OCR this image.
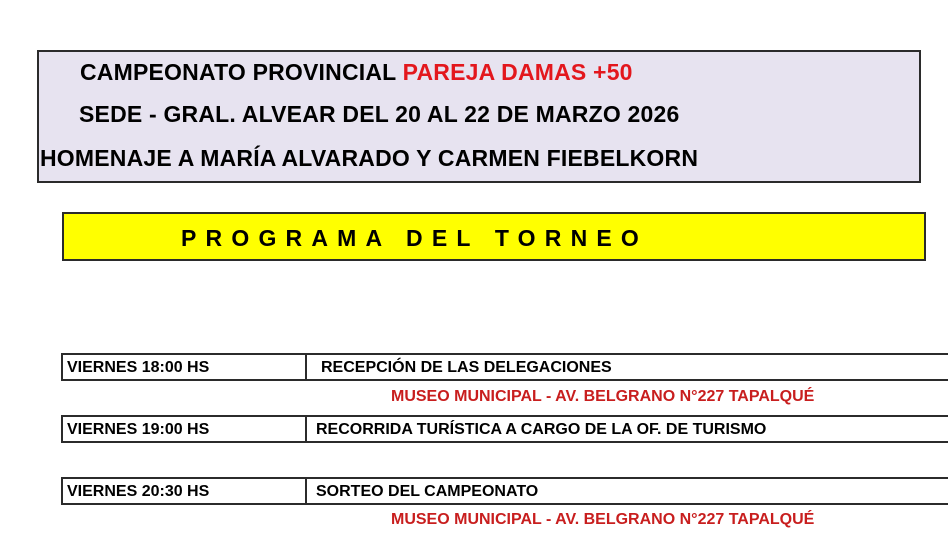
CAMPEONATO PROVINCIAL PAREJA DAMAS +50
SEDE - GRAL. ALVEAR DEL 20 AL 22 DE MARZO 2026
HOMENAJE A MARÍA ALVARADO Y CARMEN FIEBELKORN
PROGRAMA DEL TORNEO
VIERNES 18:00 HS	RECEPCIÓN DE LAS DELEGACIONES
MUSEO MUNICIPAL - AV. BELGRANO N°227 TAPALQUÉ
VIERNES 19:00 HS	RECORRIDA TURÍSTICA A CARGO DE LA OF. DE TURISMO
VIERNES 20:30 HS	SORTEO DEL CAMPEONATO
MUSEO MUNICIPAL - AV. BELGRANO N°227 TAPALQUÉ
